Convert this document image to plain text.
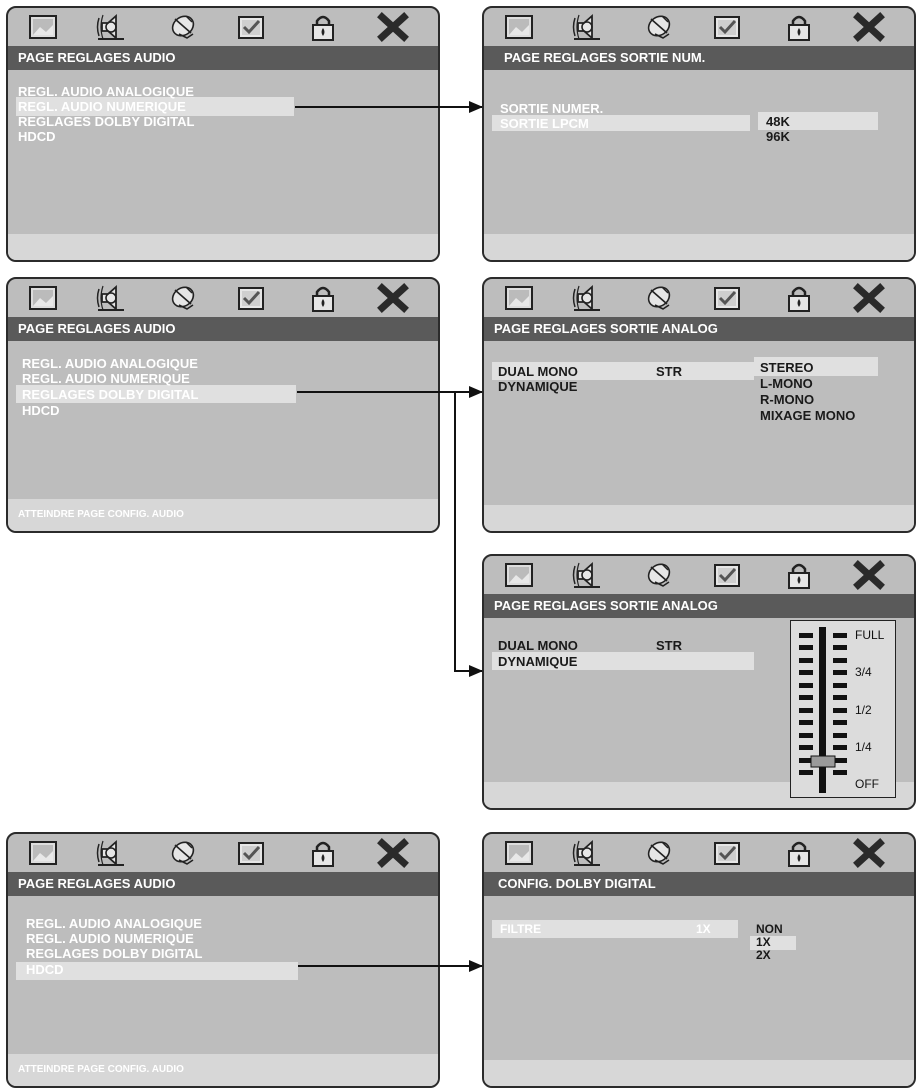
PAGE REGLAGES AUDIO
REGL. AUDIO ANALOGIQUE
REGL. AUDIO NUMERIQUE
REGLAGES DOLBY DIGITAL
HDCD
PAGE REGLAGES SORTIE NUM.
SORTIE NUMER.
SORTIE LPCM	48K
96K
PAGE REGLAGES AUDIO
REGL. AUDIO ANALOGIQUE
REGL. AUDIO NUMERIQUE
REGLAGES DOLBY DIGITAL
HDCD
ATTEINDRE PAGE CONFIG. AUDIO
PAGE REGLAGES SORTIE ANALOG
DUAL MONO	STR
DYNAMIQUE
STEREO
L-MONO
R-MONO
MIXAGE MONO
PAGE REGLAGES SORTIE ANALOG
DUAL MONO	STR
DYNAMIQUE
FULL
3/4
1/2
1/4
OFF
PAGE REGLAGES AUDIO
REGL. AUDIO ANALOGIQUE
REGL. AUDIO NUMERIQUE
REGLAGES DOLBY DIGITAL
HDCD
ATTEINDRE PAGE CONFIG. AUDIO
CONFIG. DOLBY DIGITAL
FILTRE	1X	NON
1X
2X
